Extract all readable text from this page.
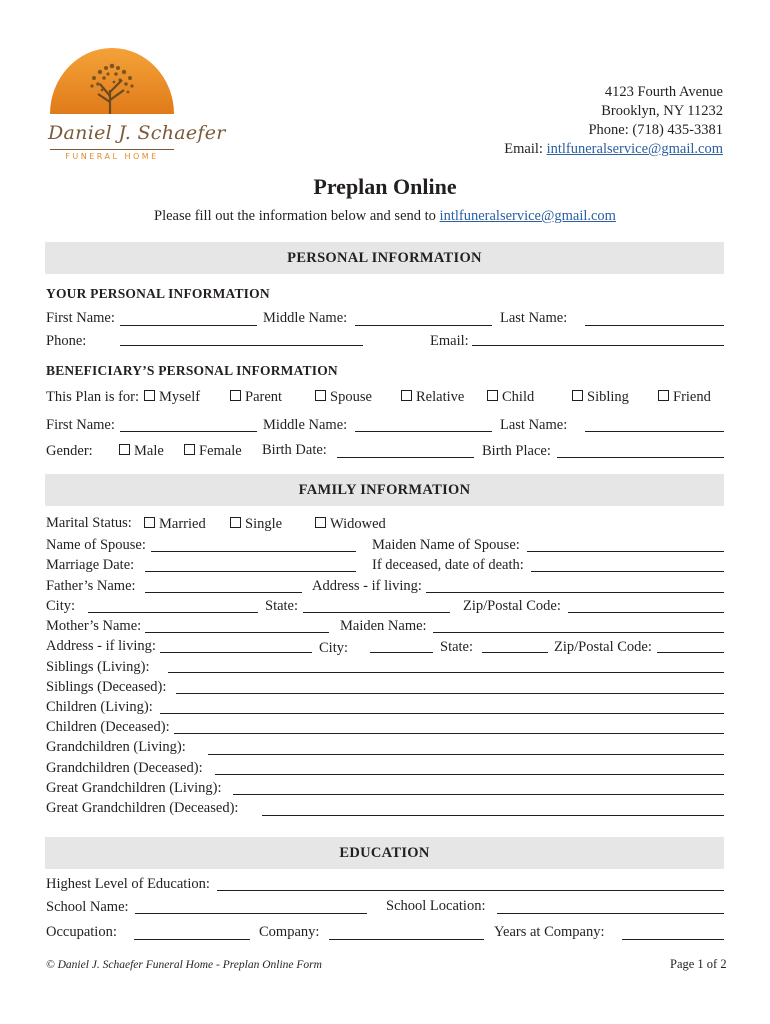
Daniel J. Schaefer
FUNERAL HOME
4123 Fourth Avenue
Brooklyn, NY 11232
Phone: (718) 435-3381
Email: intlfuneralservice@gmail.com
Preplan Online
Please fill out the information below and send to intlfuneralservice@gmail.com
PERSONAL INFORMATION
YOUR PERSONAL INFORMATION
First Name:	Middle Name:	Last Name:
Phone:	Email:
BENEFICIARY’S PERSONAL INFORMATION
This Plan is for: Myself	Parent	Spouse	Relative	Child	Sibling	Friend
First Name:	Middle Name:	Last Name:
Gender:	Male Female Birth Date:	Birth Place:
FAMILY INFORMATION
Marital Status: Married	Single	Widowed
Name of Spouse:	Maiden Name of Spouse:
Marriage Date:	If deceased, date of death:
Father’s Name:	Address - if living:
City:	State:	Zip/Postal Code:
Mother’s Name:	Maiden Name:
Address - if living:	City:	State:	Zip/Postal Code:
Siblings (Living):
Siblings (Deceased):
Children (Living):
Children (Deceased):
Grandchildren (Living):
Grandchildren (Deceased):
Great Grandchildren (Living):
Great Grandchildren (Deceased):
EDUCATION
Highest Level of Education:
School Name:	School Location:
Occupation:	Company:	Years at Company:
© Daniel J. Schaefer Funeral Home - Preplan Online Form	Page 1 of 2
